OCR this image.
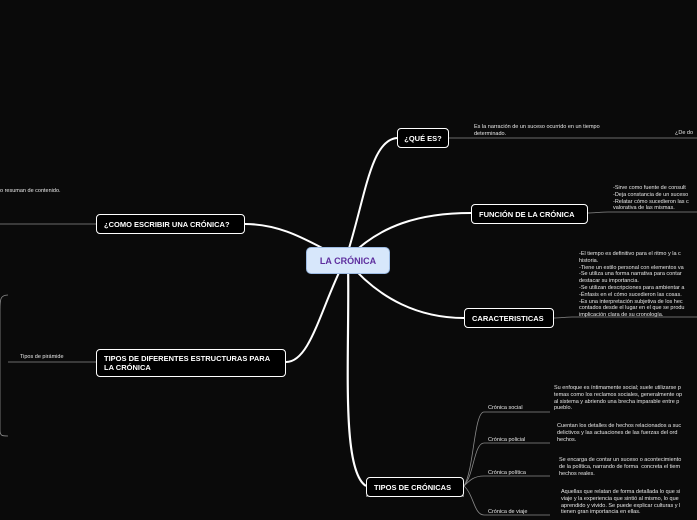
LA CRÓNICA
¿QUÉ ES?
FUNCIÓN DE LA CRÓNICA
CARACTERISTICAS
TIPOS DE CRÓNICAS
¿COMO ESCRIBIR UNA CRÓNICA?
TIPOS DE DIFERENTES ESTRUCTURAS PARA LA CRÓNICA
Es la narración de un suceso ocurrido en un tiempo
determinado.	¿De do
-Sirve como fuente de consult
-Deja constancia de un suceso
-Relatar cómo sucedieron las c
valorativa de las mismas.
-El tiempo es definitivo para el ritmo y la c
historia.
-Tiene un estilo personal con elementos va
-Se utiliza una forma narrativa para contar
destacar su importancia.
-Se utilizan descripciones para ambientar a
-Énfasis en el cómo sucedieron las cosas.
-Es una interpretación subjetiva de los hec
contados desde el lugar en el que se produ
implicación clara de su cronología.
o resuman de contenido.
Tipos de pirámide
Crónica social
Crónica policial
Crónica política
Crónica de viaje
Su enfoque es íntimamente social; suele utilizarse p
temas como los reclamos sociales, generalmente op
al sistema y abriendo una brecha imparable entre p
pueblo.
Cuentan los detalles de hechos relacionados a suc
delictivos y las actuaciones de las fuerzas del ord
hechos.
Se encarga de contar un suceso o acontecimiento
de la política, narrando de forma  concreta el tiem
hechos reales.
Aquellas que relatan de forma detallada lo que si
viaje y la experiencia que sintió al mismo, lo que
aprendido y vivido. Se puede explicar culturas y l
tienen gran importancia en ellas.
